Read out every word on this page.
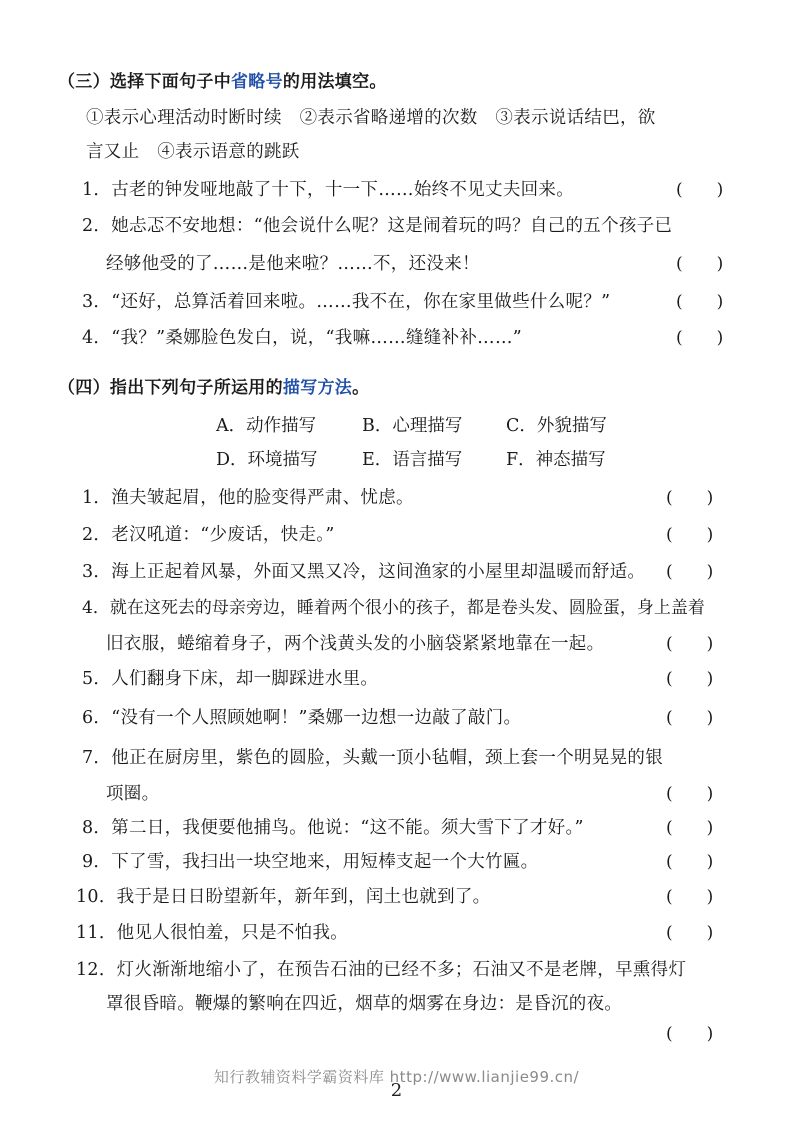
（三）选择下面句子中省略号的用法填空。
①表示心理活动时断时续　②表示省略递增的次数　③表示说话结巴，欲
言又止　④表示语意的跳跃
1．古老的钟发哑地敲了十下，十一下……始终不见丈夫回来。	(　　)
2．她忐忑不安地想：“他会说什么呢？这是闹着玩的吗？自己的五个孩子已
经够他受的了……是他来啦？……不，还没来！	(　　)
3．“还好，总算活着回来啦。……我不在，你在家里做些什么呢？”	(　　)
4．“我？”桑娜脸色发白，说，“我嘛……缝缝补补……”	(　　)
（四）指出下列句子所运用的描写方法。
A．动作描写	B．心理描写 C．外貌描写
D．环境描写	E．语言描写 F．神态描写
1．渔夫皱起眉，他的脸变得严肃、忧虑。	(　　)
2．老汉吼道：“少废话，快走。”	(　　)
3．海上正起着风暴，外面又黑又冷，这间渔家的小屋里却温暖而舒适。 (　　)
4．就在这死去的母亲旁边，睡着两个很小的孩子，都是卷头发、圆脸蛋，身上盖着
旧衣服，蜷缩着身子，两个浅黄头发的小脑袋紧紧地靠在一起。	(　　)
5．人们翻身下床，却一脚踩进水里。	(　　)
6．“没有一个人照顾她啊！”桑娜一边想一边敲了敲门。	(　　)
7．他正在厨房里，紫色的圆脸，头戴一顶小毡帽，颈上套一个明晃晃的银
项圈。	(　　)
8．第二日，我便要他捕鸟。他说：“这不能。须大雪下了才好。”	(　　)
9．下了雪，我扫出一块空地来，用短棒支起一个大竹匾。	(　　)
10．我于是日日盼望新年，新年到，闰土也就到了。	(　　)
11．他见人很怕羞，只是不怕我。	(　　)
12．灯火渐渐地缩小了，在预告石油的已经不多；石油又不是老牌，早熏得灯
罩很昏暗。鞭爆的繁响在四近，烟草的烟雾在身边：是昏沉的夜。
(　　)
知行教辅资料学霸资料库 http://www.lianjie99.cn/
2
